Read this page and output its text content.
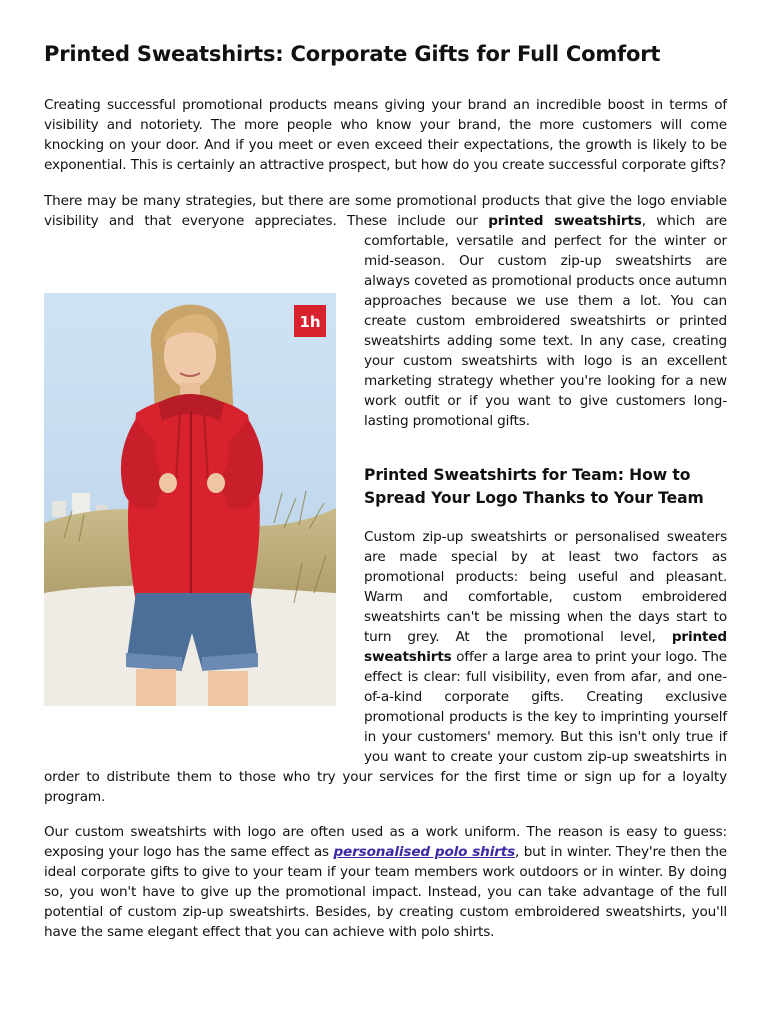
Printed Sweatshirts: Corporate Gifts for Full Comfort

Creating successful promotional products means giving your brand an incredible boost in terms of visibility and notoriety. The more people who know your brand, the more customers will come knocking on your door. And if you meet or even exceed their expectations, the growth is likely to be exponential. This is certainly an attractive prospect, but how do you create successful corporate gifts?

There may be many strategies, but there are some promotional products that give the logo enviable visibility and that everyone appreciates. These include our printed sweatshirts, which are comfortable, versatile and perfect for the winter or mid-season. Our custom zip-up sweatshirts are always coveted as promotional products once autumn approaches because we use them a lot. You can create custom embroidered sweatshirts or printed sweatshirts adding some text. In any case, creating your custom sweatshirts with logo is an excellent marketing strategy whether you're looking for a new work outfit or if you want to give customers long-lasting promotional gifts.

1h
Printed Sweatshirts for Team: How to Spread Your Logo Thanks to Your Team

Custom zip-up sweatshirts or personalised sweaters are made special by at least two factors as promotional products: being useful and pleasant. Warm and comfortable, custom embroidered sweatshirts can't be missing when the days start to turn grey. At the promotional level, printed sweatshirts offer a large area to print your logo. The effect is clear: full visibility, even from afar, and one-of-a-kind corporate gifts. Creating exclusive promotional products is the key to imprinting yourself in your customers' memory. But this isn't only true if you want to create your custom zip-up sweatshirts in order to distribute them to those who try your services for the first time or sign up for a loyalty program.

Our custom sweatshirts with logo are often used as a work uniform. The reason is easy to guess: exposing your logo has the same effect as personalised polo shirts, but in winter. They're then the ideal corporate gifts to give to your team if your team members work outdoors or in winter. By doing so, you won't have to give up the promotional impact. Instead, you can take advantage of the full potential of custom zip-up sweatshirts. Besides, by creating custom embroidered sweatshirts, you'll have the same elegant effect that you can achieve with polo shirts.
